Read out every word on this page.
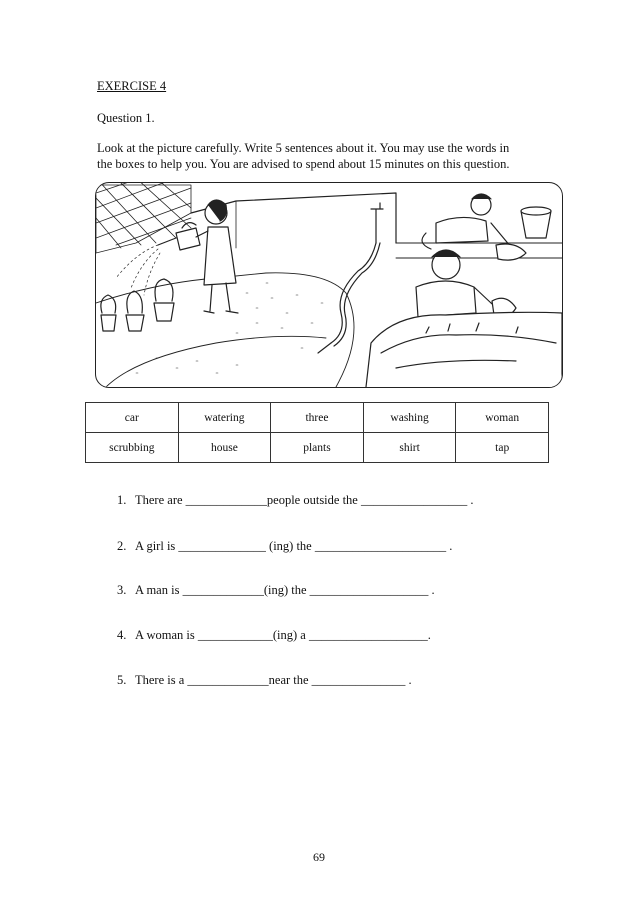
EXERCISE 4
Question 1.
Look at the picture carefully. Write 5 sentences about it. You may use the words in
the boxes to help you. You are advised to spend about 15 minutes on this question.
car	watering	three	washing	woman
scrubbing	house	plants	shirt	tap
1. There are _____________people outside the _________________ .
2. A girl is ______________ (ing) the _____________________ .
3. A man is _____________(ing) the ___________________ .
4. A woman is ____________(ing) a ___________________.
5. There is a _____________near the _______________ .
69
